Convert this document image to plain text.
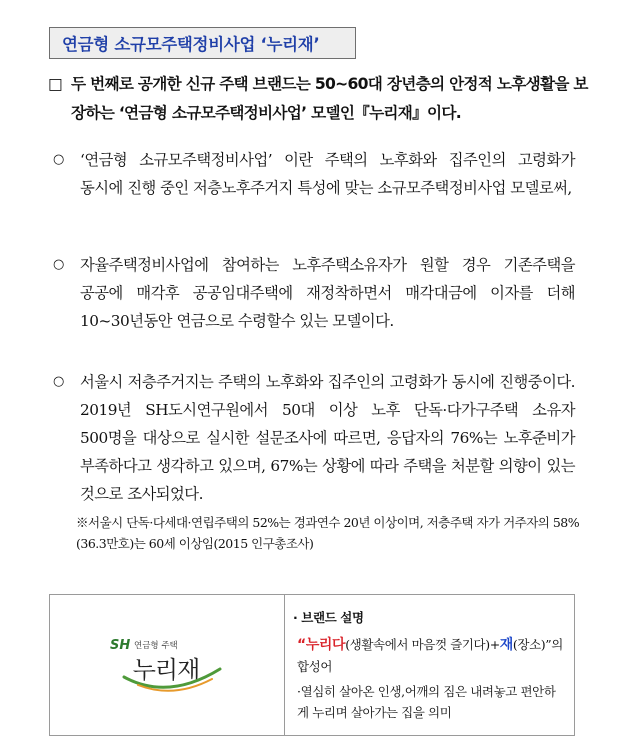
연금형 소규모주택정비사업 ‘누리재’
□ 두 번째로 공개한 신규 주택 브랜드는 50~60대 장년층의 안정적 노후생활을 보장하는 ‘연금형 소규모주택정비사업’ 모델인『누리재』이다.
○	‘연금형 소규모주택정비사업’ 이란 주택의 노후화와 집주인의 고령화가 동시에 진행 중인 저층노후주거지 특성에 맞는 소규모주택정비사업 모델로써,
○	자율주택정비사업에 참여하는 노후주택소유자가 원할 경우 기존주택을 공공에 매각후 공공임대주택에 재정착하면서 매각대금에 이자를 더해 10~30년동안 연금으로 수령할수 있는 모델이다.
○	서울시 저층주거지는 주택의 노후화와 집주인의 고령화가 동시에 진행중이다. 2019년 SH도시연구원에서 50대 이상 노후 단독·다가구주택 소유자 500명을 대상으로 실시한 설문조사에 따르면, 응답자의 76%는 노후준비가 부족하다고 생각하고 있으며, 67%는 상황에 따라 주택을 처분할 의향이 있는 것으로 조사되었다.
※서울시 단독·다세대·연립주택의 52%는 경과연수 20년 이상이며, 저층주택 자가 거주자의 58%(36.3만호)는 60세 이상임(2015 인구총조사)
SH 연금형 주택
누리재
· 브랜드 설명
“누리다(생활속에서 마음껏 즐기다)+재(장소)”의 합성어
·열심히 살아온 인생,어깨의 짐은 내려놓고 편안하게 누리며 살아가는 집을 의미
